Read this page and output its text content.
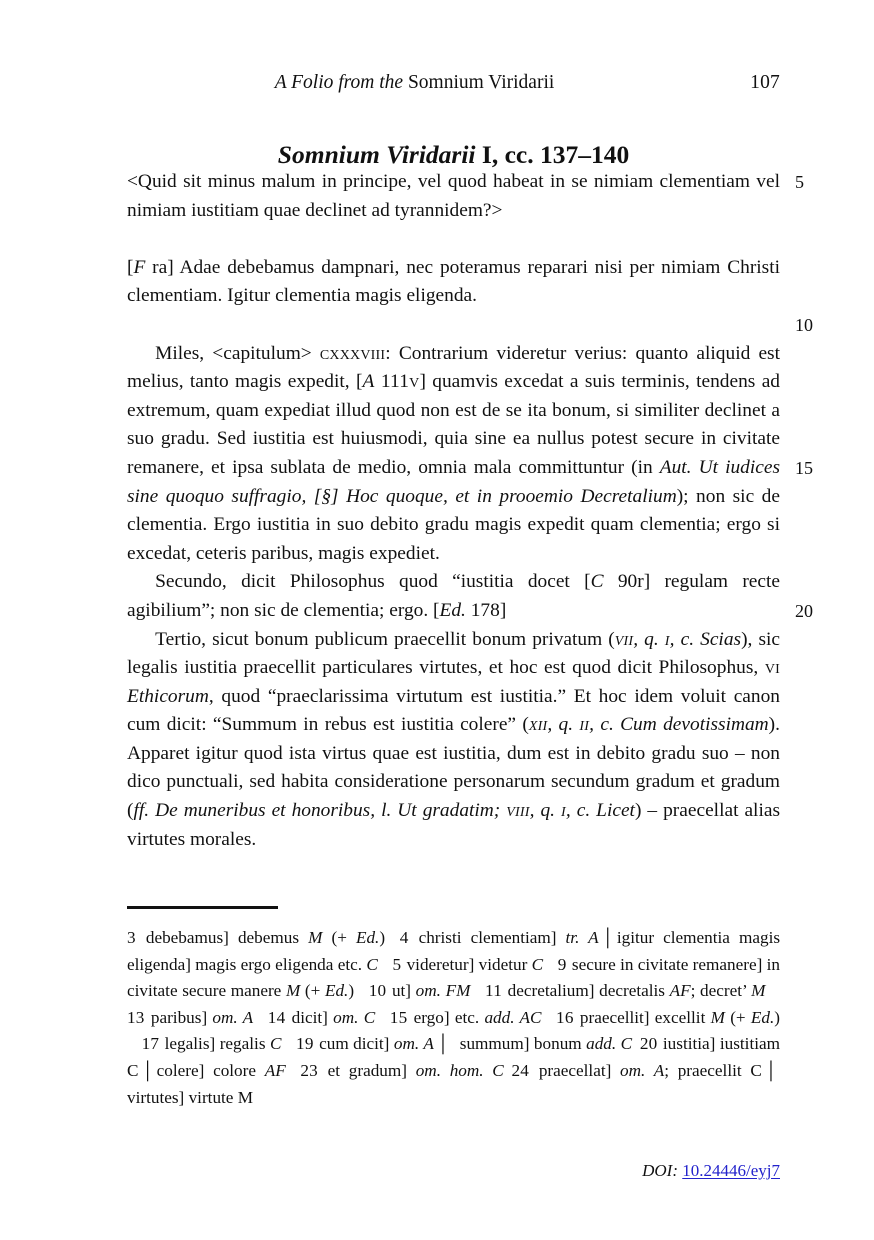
A Folio from the Somnium Viridarii	107
Somnium Viridarii I, cc. 137–140

<Quid sit minus malum in principe, vel quod habeat in se nimiam clementiam vel nimiam iustitiam quae declinet ad tyrannidem?>

[F ra] Adae debebamus dampnari, nec poteramus reparari nisi per nimiam Christi clementiam. Igitur clementia magis eligenda.

Miles, <capitulum> cxxxviii: Contrarium videretur verius: quanto aliquid est melius, tanto magis expedit, [A 111v] quamvis excedat a suis terminis, tendens ad extremum, quam expediat illud quod non est de se ita bonum, si similiter declinet a suo gradu. Sed iustitia est huiusmodi, quia sine ea nullus potest secure in civitate remanere, et ipsa sublata de medio, omnia mala committuntur (in Aut. Ut iudices sine quoquo suffragio, [§] Hoc quoque, et in prooemio Decretalium); non sic de clementia. Ergo iustitia in suo debito gradu magis expedit quam clementia; ergo si excedat, ceteris paribus, magis expediet.

Secundo, dicit Philosophus quod “iustitia docet [C 90r] regulam recte agibilium”; non sic de clementia; ergo. [Ed. 178]

Tertio, sicut bonum publicum praecellit bonum privatum (vii, q. i, c. Scias), sic legalis iustitia praecellit particulares virtutes, et hoc est quod dicit Philosophus, vi Ethicorum, quod “praeclarissima virtutum est iustitia.” Et hoc idem voluit canon cum dicit: “Summum in rebus est iustitia colere” (xii, q. ii, c. Cum devotissimam). Apparet igitur quod ista virtus quae est iustitia, dum est in debito gradu suo – non dico punctuali, sed habita consideratione personarum secundum gradum et gradum (ff. De muneribus et honoribus, l. Ut gradatim; viii, q. i, c. Licet) – praecellat alias virtutes morales.

5
10
15
20

3 debebamus] debemus M (+ Ed.) 4 christi clementiam] tr. A │ igitur clementia magis eligenda] magis ergo eligenda etc. C 5 videretur] videtur C 9 secure in civitate remanere] in civitate secure manere M (+ Ed.) 10 ut] om. FM 11 decretalium] decretalis AF; decret’ M13 paribus] om. A 14 dicit] om. C 15 ergo] etc. add. AC 16 praecellit] excellit M (+ Ed.)17 legalis] regalis C 19 cum dicit] om. A │ summum] bonum add. C 20 iustitia] iustitiam C │ colere] colore AF 23 et gradum] om. hom. C 24 praecellat] om. A; praecellit C │virtutes] virtute M

DOI: 10.24446/eyj7
